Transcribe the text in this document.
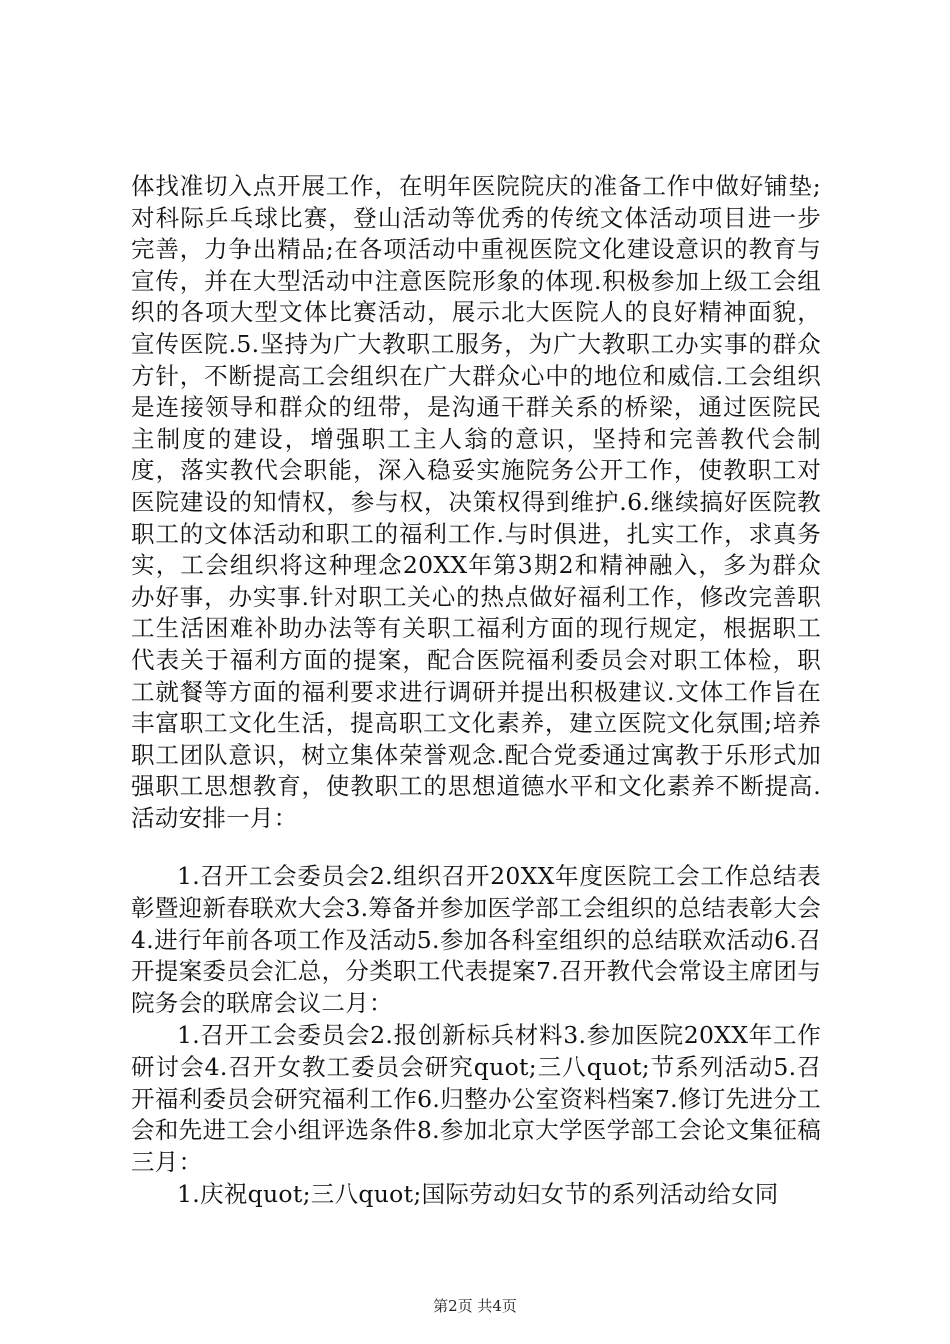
体找准切入点开展工作，在明年医院院庆的准备工作中做好铺垫;对科际乒乓球比赛，登山活动等优秀的传统文体活动项目进一步完善，力争出精品;在各项活动中重视医院文化建设意识的教育与宣传，并在大型活动中注意医院形象的体现.积极参加上级工会组织的各项大型文体比赛活动，展示北大医院人的良好精神面貌，宣传医院.5.坚持为广大教职工服务，为广大教职工办实事的群众方针，不断提高工会组织在广大群众心中的地位和威信.工会组织是连接领导和群众的纽带，是沟通干群关系的桥梁，通过医院民主制度的建设，增强职工主人翁的意识，坚持和完善教代会制度，落实教代会职能，深入稳妥实施院务公开工作，使教职工对医院建设的知情权，参与权，决策权得到维护.6.继续搞好医院教职工的文体活动和职工的福利工作.与时俱进，扎实工作，求真务实，工会组织将这种理念20XX年第3期2和精神融入，多为群众办好事，办实事.针对职工关心的热点做好福利工作，修改完善职工生活困难补助办法等有关职工福利方面的现行规定，根据职工代表关于福利方面的提案，配合医院福利委员会对职工体检，职工就餐等方面的福利要求进行调研并提出积极建议.文体工作旨在丰富职工文化生活，提高职工文化素养，建立医院文化氛围;培养职工团队意识，树立集体荣誉观念.配合党委通过寓教于乐形式加强职工思想教育，使教职工的思想道德水平和文化素养不断提高.活动安排一月：

1.召开工会委员会2.组织召开20XX年度医院工会工作总结表彰暨迎新春联欢大会3.筹备并参加医学部工会组织的总结表彰大会4.进行年前各项工作及活动5.参加各科室组织的总结联欢活动6.召开提案委员会汇总，分类职工代表提案7.召开教代会常设主席团与院务会的联席会议二月：

1.召开工会委员会2.报创新标兵材料3.参加医院20XX年工作研讨会4.召开女教工委员会研究quot;三八quot;节系列活动5.召开福利委员会研究福利工作6.归整办公室资料档案7.修订先进分工会和先进工会小组评选条件8.参加北京大学医学部工会论文集征稿三月：

1.庆祝quot;三八quot;国际劳动妇女节的系列活动给女同

第2页 共4页
